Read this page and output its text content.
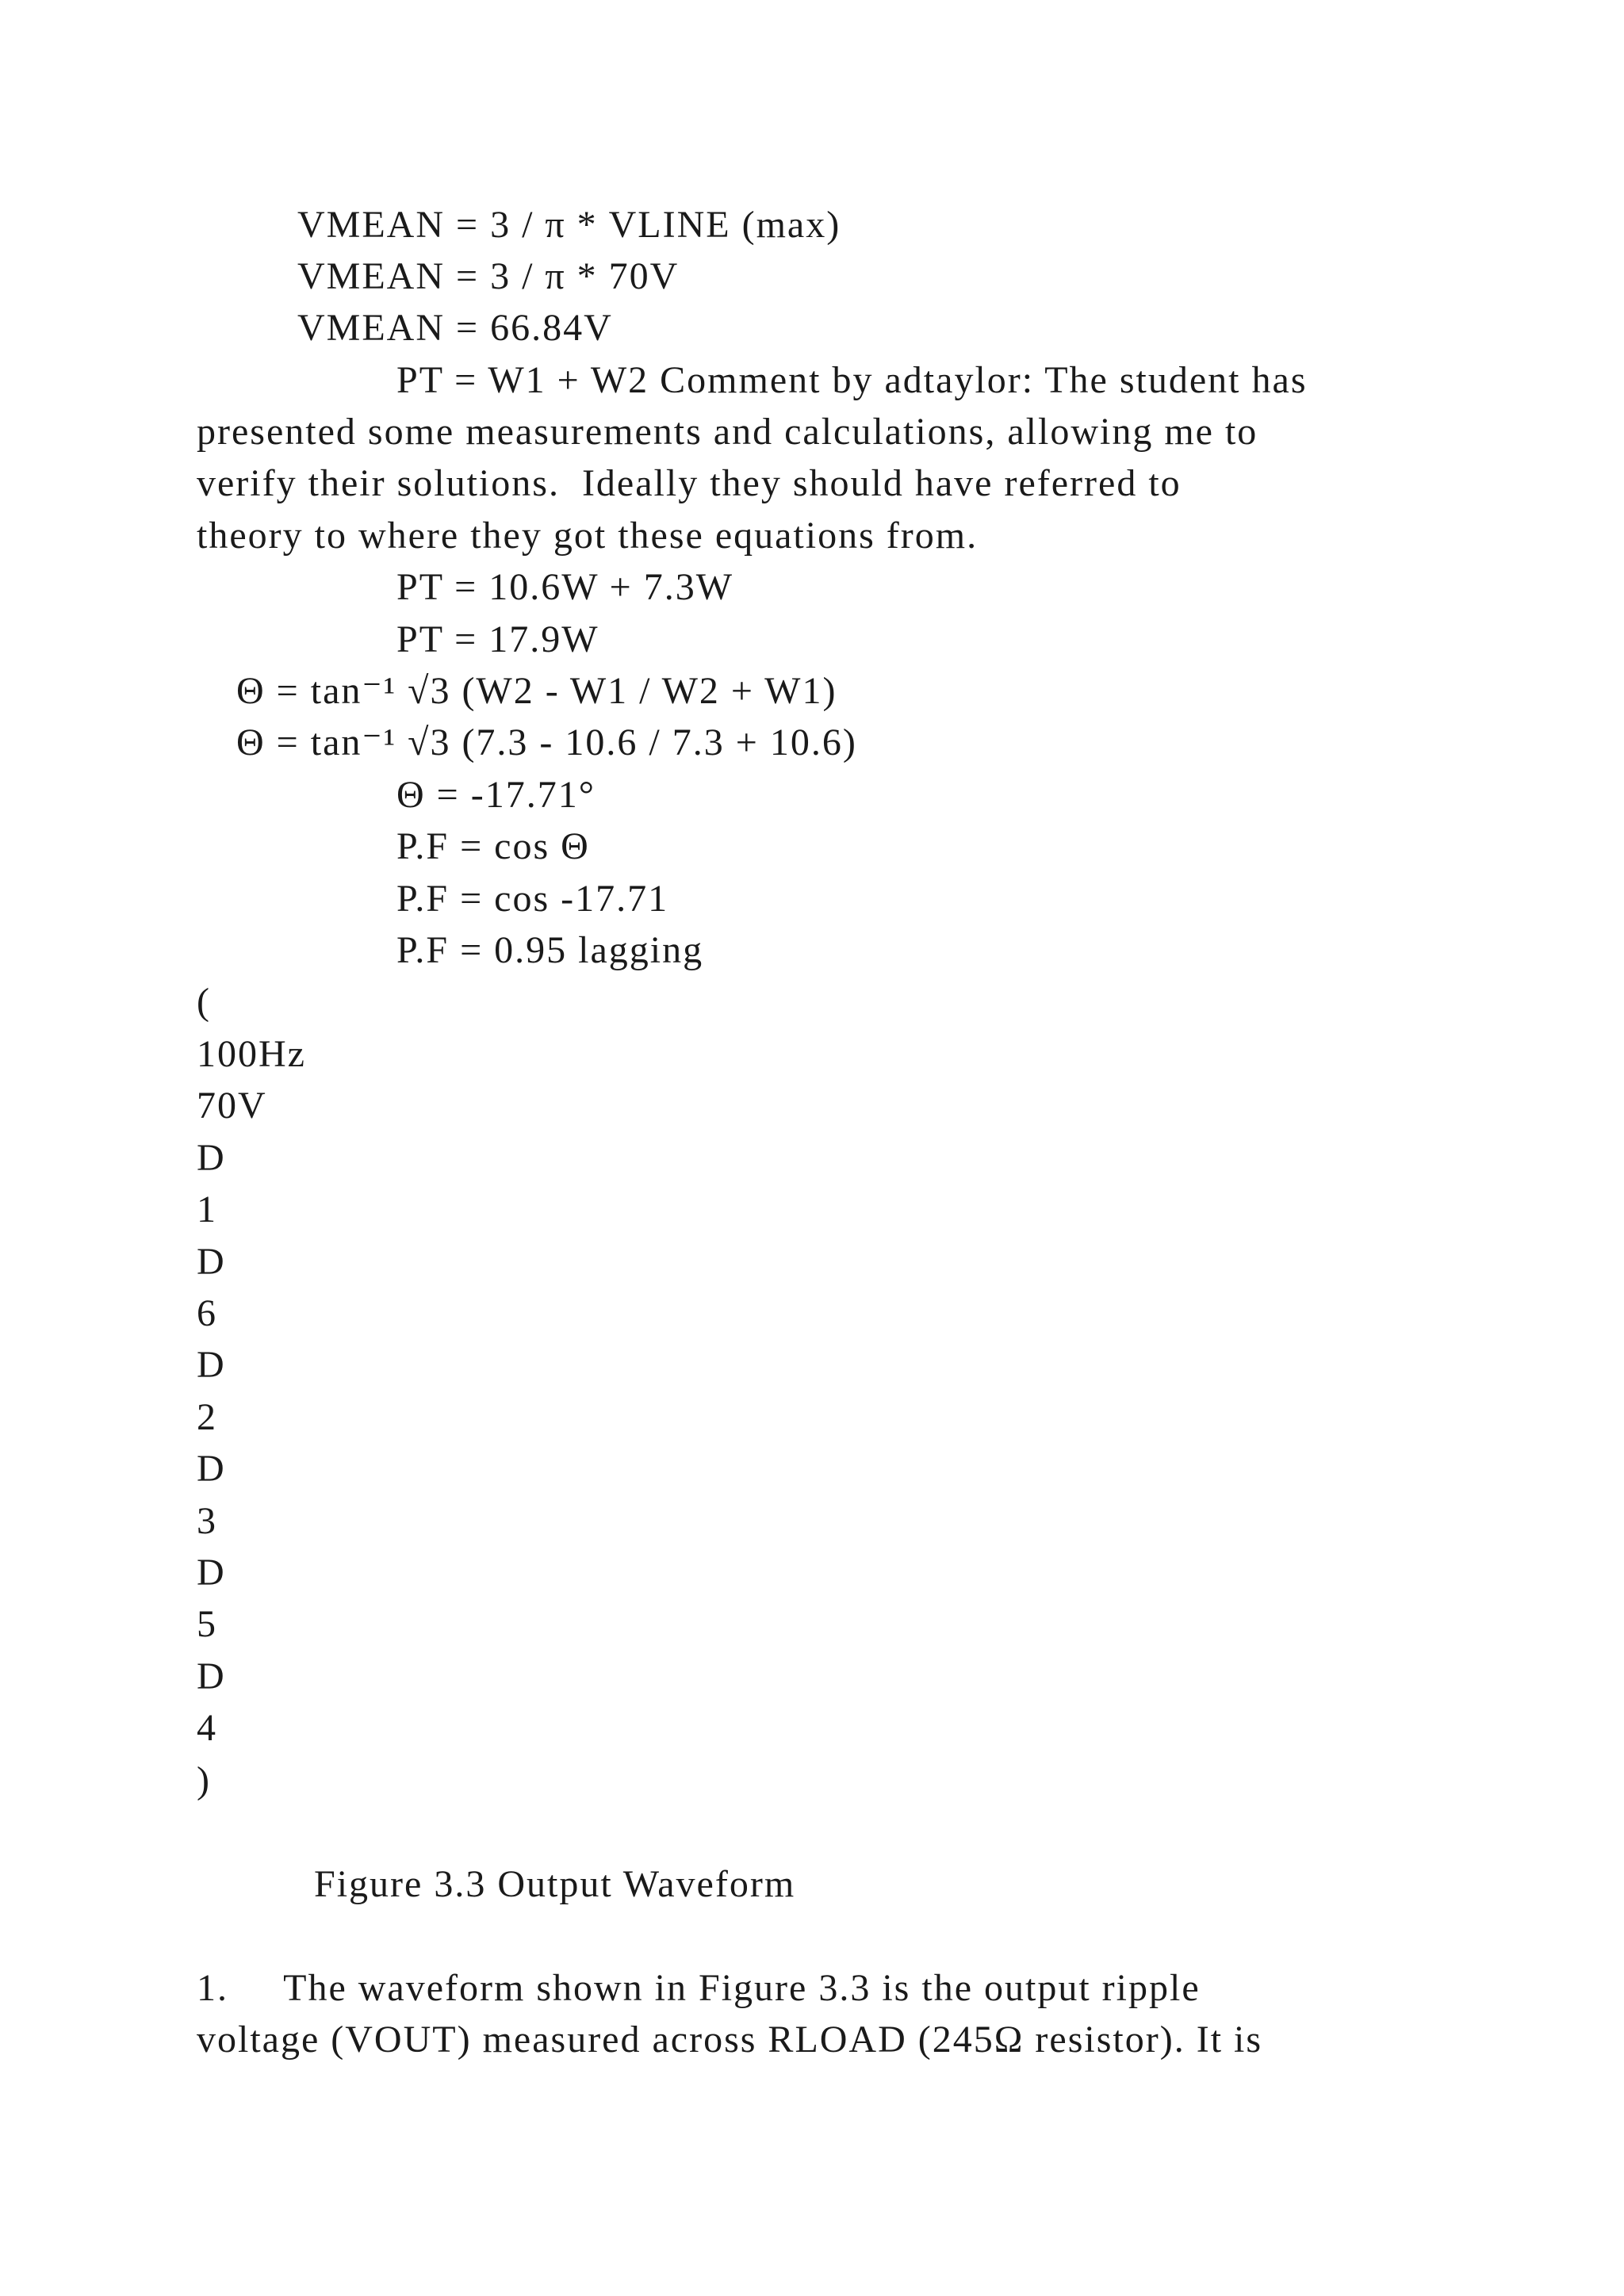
VMEAN = 3 / π * VLINE (max)
VMEAN = 3 / π * 70V
VMEAN = 66.84V
PT = W1 + W2 Comment by adtaylor: The student has
presented some measurements and calculations, allowing me to
verify their solutions.  Ideally they should have referred to
theory to where they got these equations from.
PT = 10.6W + 7.3W
PT = 17.9W
Θ = tan⁻¹ √3 (W2 - W1 / W2 + W1)
Θ = tan⁻¹ √3 (7.3 - 10.6 / 7.3 + 10.6)
Θ = -17.71°
P.F = cos Θ
P.F = cos -17.71
P.F = 0.95 lagging
(
100Hz
70V
D
1
D
6
D
2
D
3
D
5
D
4
)
Figure 3.3 Output Waveform
1.     The waveform shown in Figure 3.3 is the output ripple
voltage (VOUT) measured across RLOAD (245Ω resistor). It is
